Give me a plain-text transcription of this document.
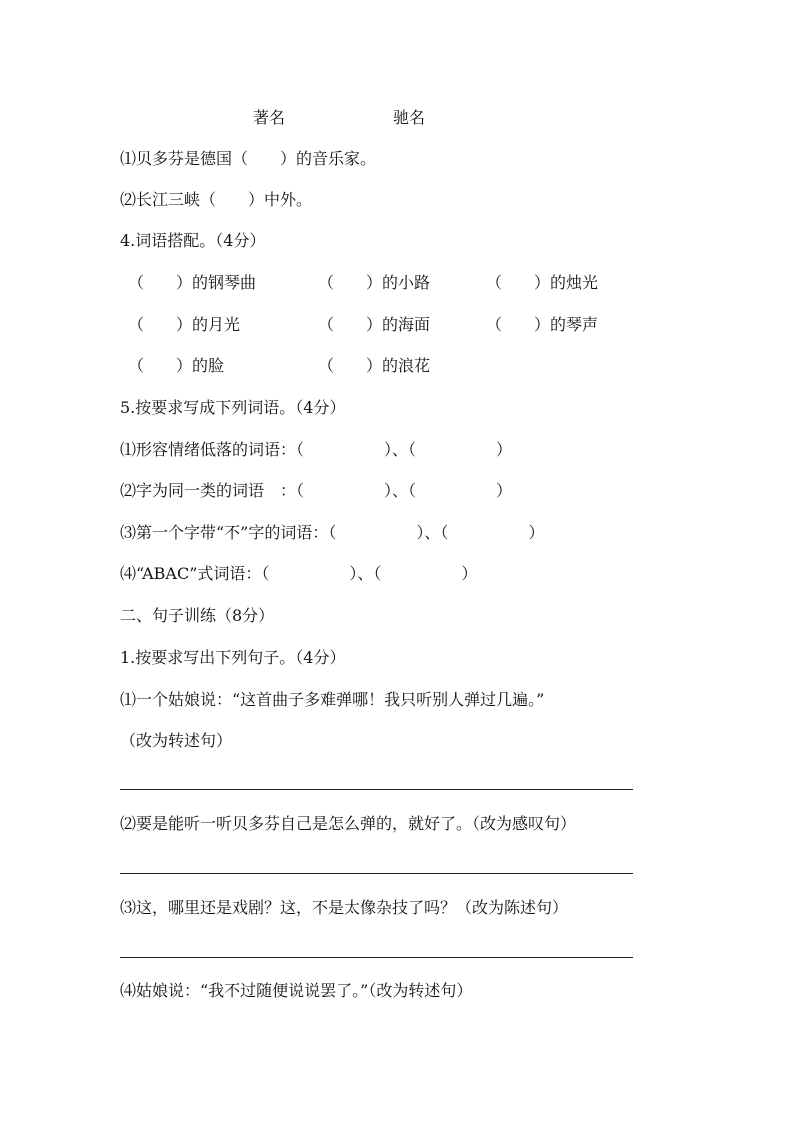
著名	驰名
⑴贝多芬是德国（　　）的音乐家。
⑵长江三峡（　　）中外。
4.词语搭配。（4分）
（　　）的钢琴曲	（　　）的小路	（　　）的烛光
（　　）的月光	（　　）的海面	（　　）的琴声
（　　）的脸	（　　）的浪花
5.按要求写成下列词语。（4分）
⑴形容情绪低落的词语：（　　　　　）、（　　　　　）
⑵字为同一类的词语　：（　　　　　）、（　　　　　）
⑶第一个字带“不”字的词语：（　　　　　）、（　　　　　）
⑷“ABAC”式词语：（　　　　　）、（　　　　　）
二、句子训练（8分）
1.按要求写出下列句子。（4分）
⑴一个姑娘说：“这首曲子多难弹哪！我只听别人弹过几遍。”
（改为转述句）
⑵要是能听一听贝多芬自己是怎么弹的，就好了。（改为感叹句）
⑶这，哪里还是戏剧？这，不是太像杂技了吗？（改为陈述句）
⑷姑娘说：“我不过随便说说罢了。”（改为转述句）
